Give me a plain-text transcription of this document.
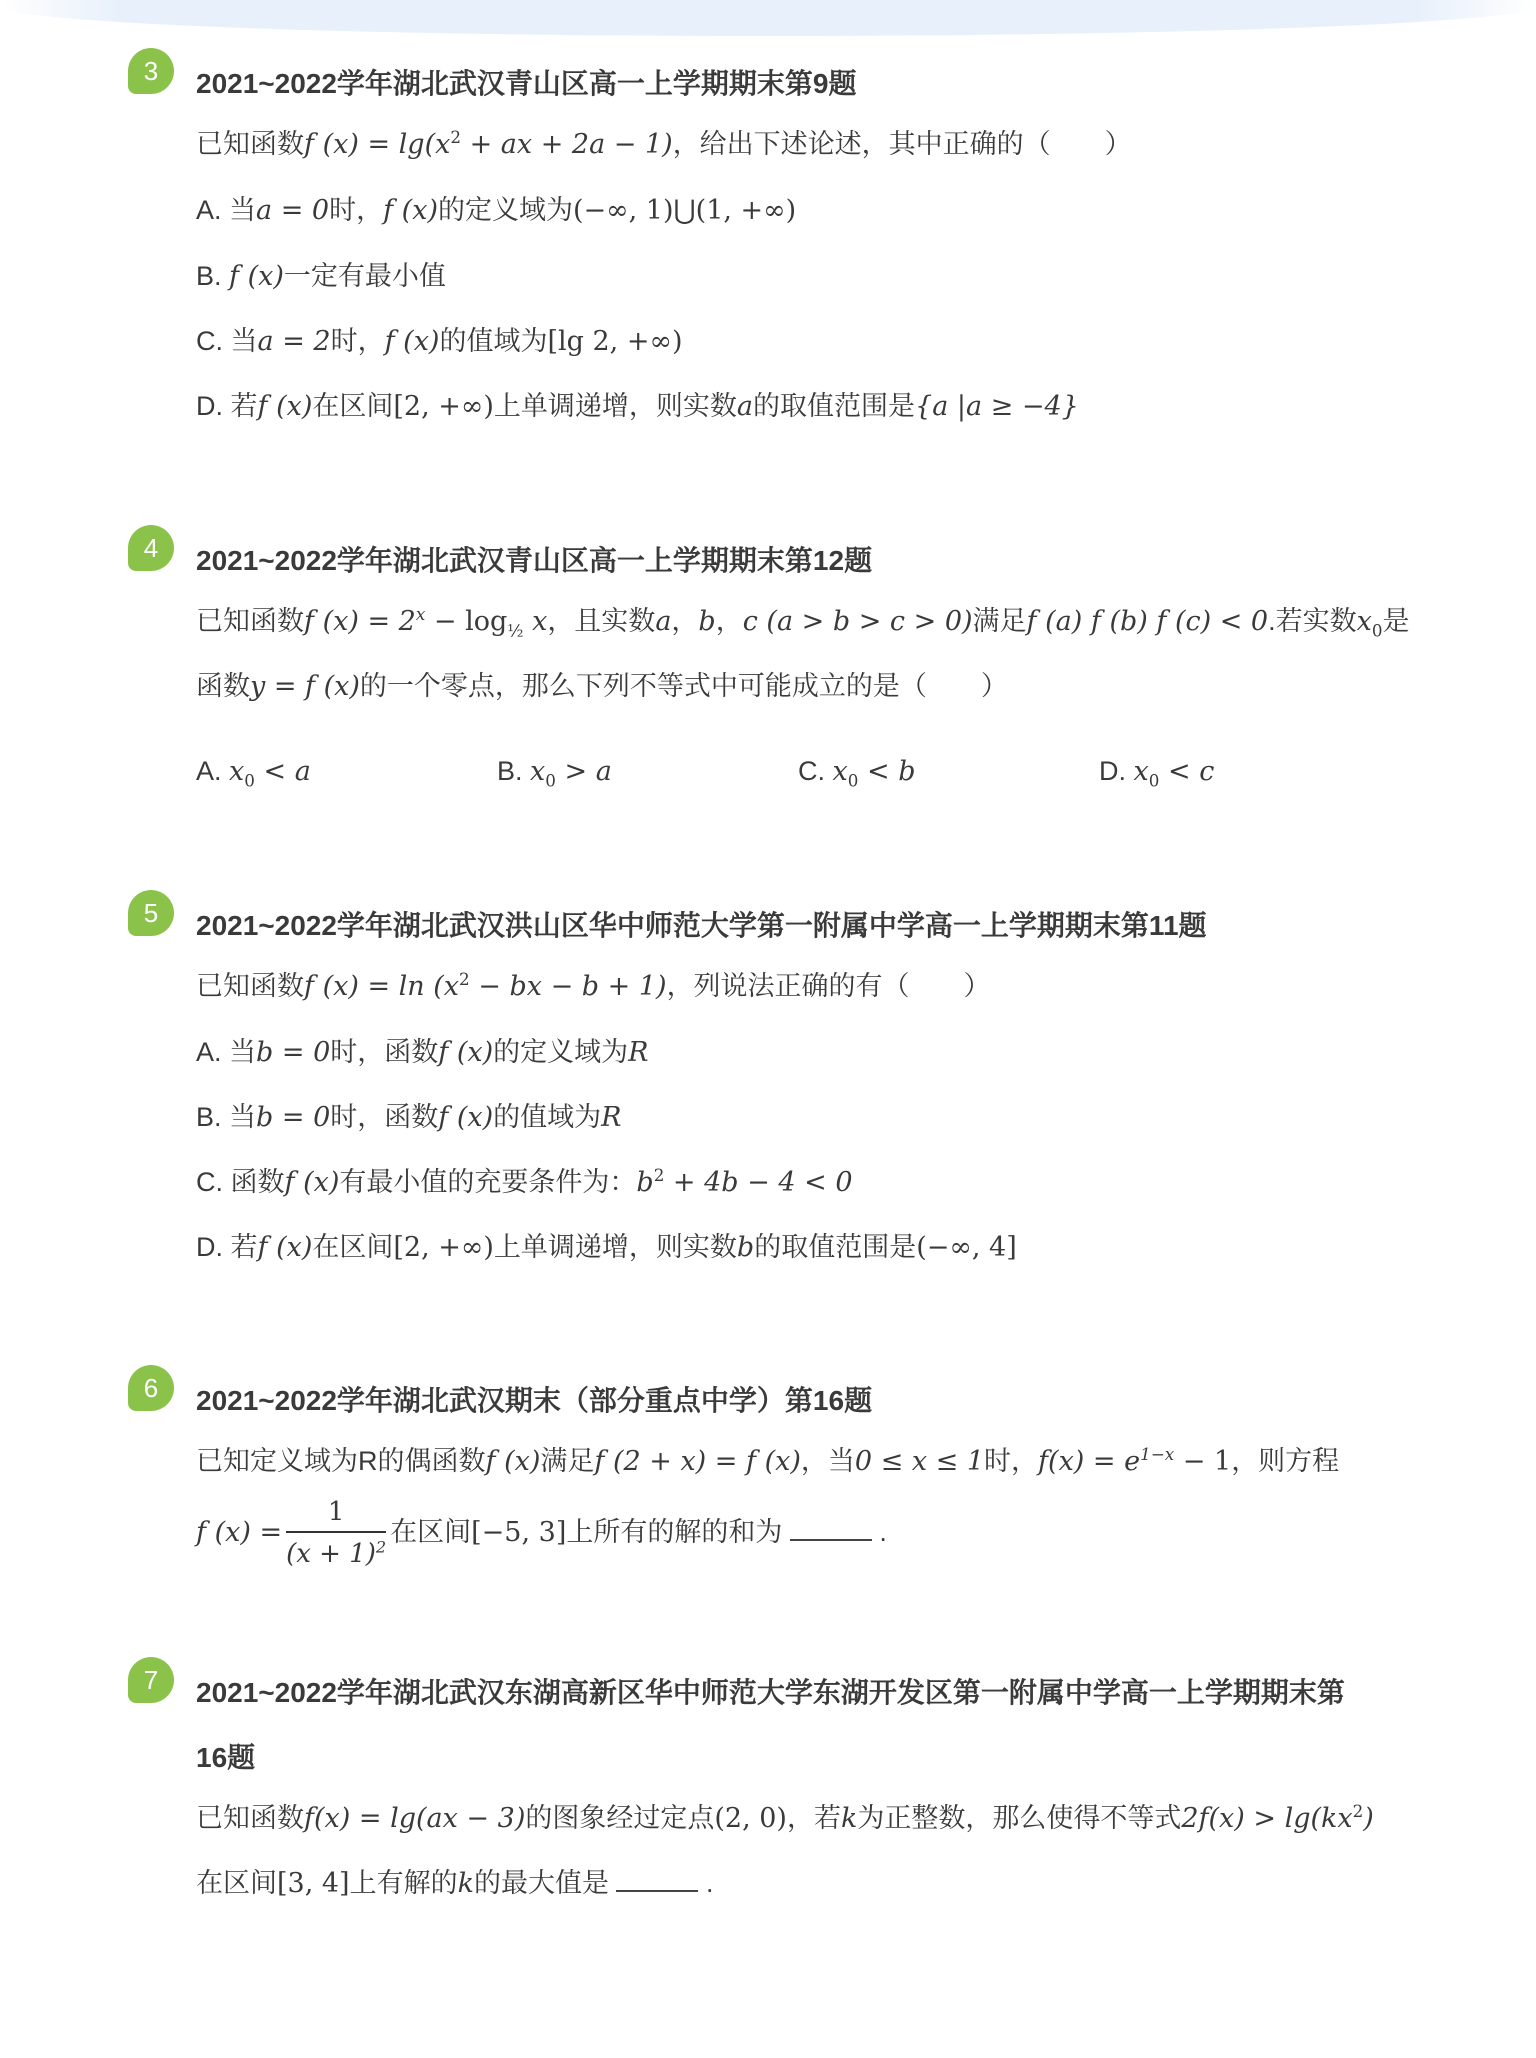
3	2021~2022学年湖北武汉青山区高一上学期期末第9题
已知函数f $(x) = \lg(x^2$ + ax + 2a − 1)，给出下述论述，其中正确的（　　）
A. 当a = 0时，f (x)的定义域为(−∞, 1)⋃(1, +∞)
B. f (x)一定有最小值
C. 当a = 2时，f (x)的值域为[lg 2, +∞)
D. 若f (x)在区间[2, +∞)上单调递增，则实数a的取值范围是{a |a ≥ −4}
4	2021~2022学年湖北武汉青山区高一上学期期末第12题
已知函数f $(x) = 2^x - \log_{\frac{1}{2}} x$，且实数a，b，c (a > b > c > 0)满足f (a) f (b) f (c) < 0.若实数$x_0$是
函数y = f (x)的一个零点，那么下列不等式中可能成立的是（　　）
A. $x_0 < a$	B. $x_0 > a$	C. $x_0 < b$	D. $x_0 < c$
5	2021~2022学年湖北武汉洪山区华中师范大学第一附属中学高一上学期期末第11题
已知函数f $(x) = \ln (x^2$ − bx − b + 1)，列说法正确的有（　　）
A. 当b = 0时，函数f (x)的定义域为R
B. 当b = 0时，函数f (x)的值域为R
C. 函数f (x)有最小值的充要条件为：$b^2 + 4b - 4 < 0$
D. 若f (x)在区间[2, +∞)上单调递增，则实数b的取值范围是(−∞, 4]
6	2021~2022学年湖北武汉期末（部分重点中学）第16题
已知定义域为R的偶函数f (x)满足f (2 + x) = f (x)，当0 ≤ x ≤ 1时，$f(x) = e^{1-x} - 1$，则方程
f $(x) = \frac{1}{(x + 1)^2}$ 在区间[−5, 3]上所有的解的和为	.
7	2021~2022学年湖北武汉东湖高新区华中师范大学东湖开发区第一附属中学高一上学期期末第
16题
已知函数f(x) = lg(ax − 3)的图象经过定点(2, 0)，若k为正整数，那么使得不等式$2f(x) > \lg(kx^2)$
在区间[3, 4]上有解的k的最大值是	.
